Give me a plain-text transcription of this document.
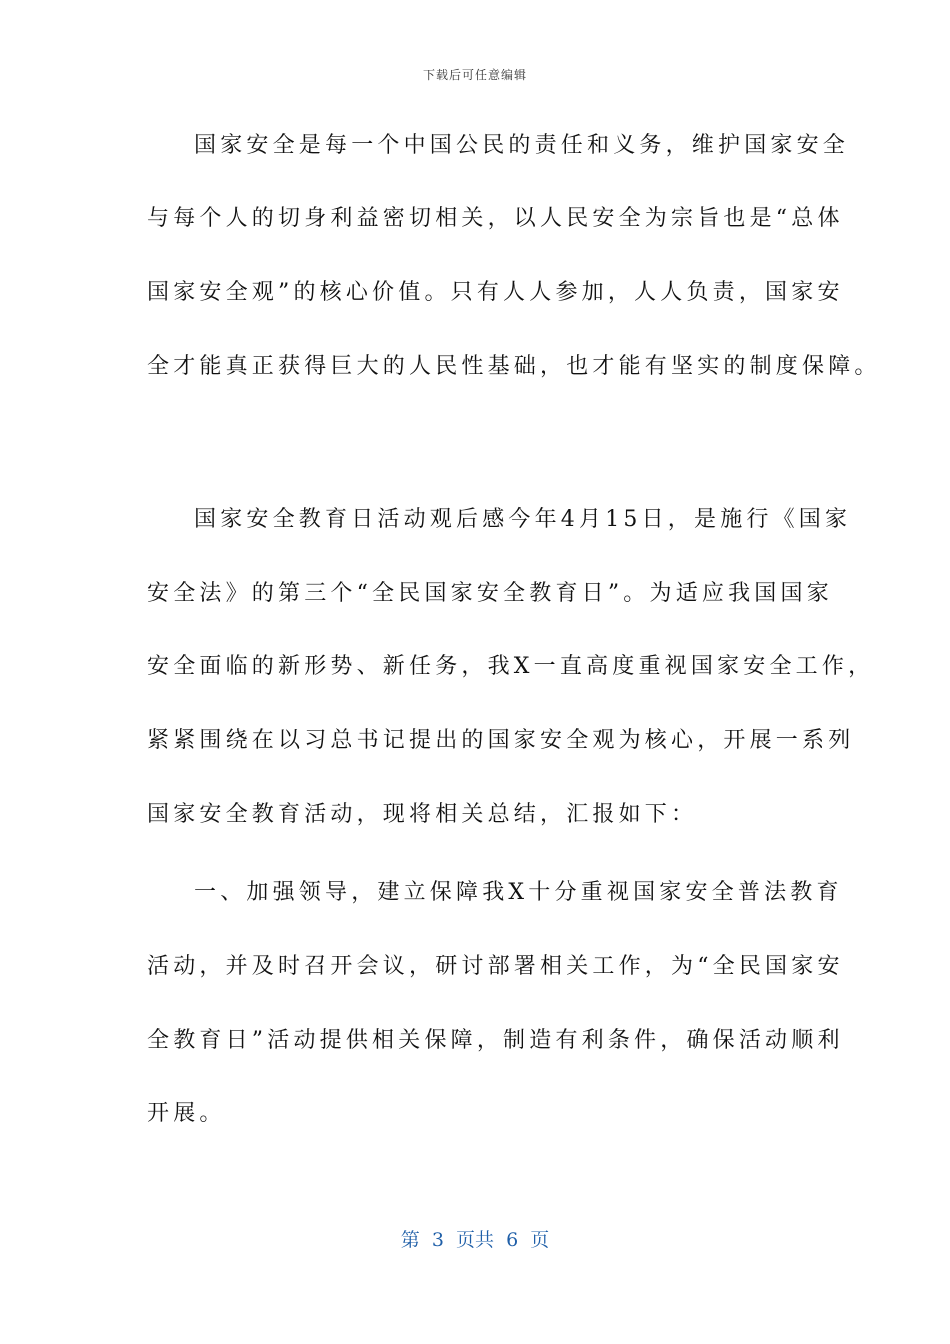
下载后可任意编辑
国家安全是每一个中国公民的责任和义务，维护国家安全
与每个人的切身利益密切相关，以人民安全为宗旨也是“总体
国家安全观”的核心价值。只有人人参加，人人负责，国家安
全才能真正获得巨大的人民性基础，也才能有坚实的制度保障。
国家安全教育日活动观后感今年4月15日，是施行《国家
安全法》的第三个“全民国家安全教育日”。为适应我国国家
安全面临的新形势、新任务，我X一直高度重视国家安全工作，
紧紧围绕在以习总书记提出的国家安全观为核心，开展一系列
国家安全教育活动，现将相关总结，汇报如下：
一、加强领导，建立保障我X十分重视国家安全普法教育
活动，并及时召开会议，研讨部署相关工作，为“全民国家安
全教育日”活动提供相关保障，制造有利条件，确保活动顺利
开展。
第  3  页共  6  页
